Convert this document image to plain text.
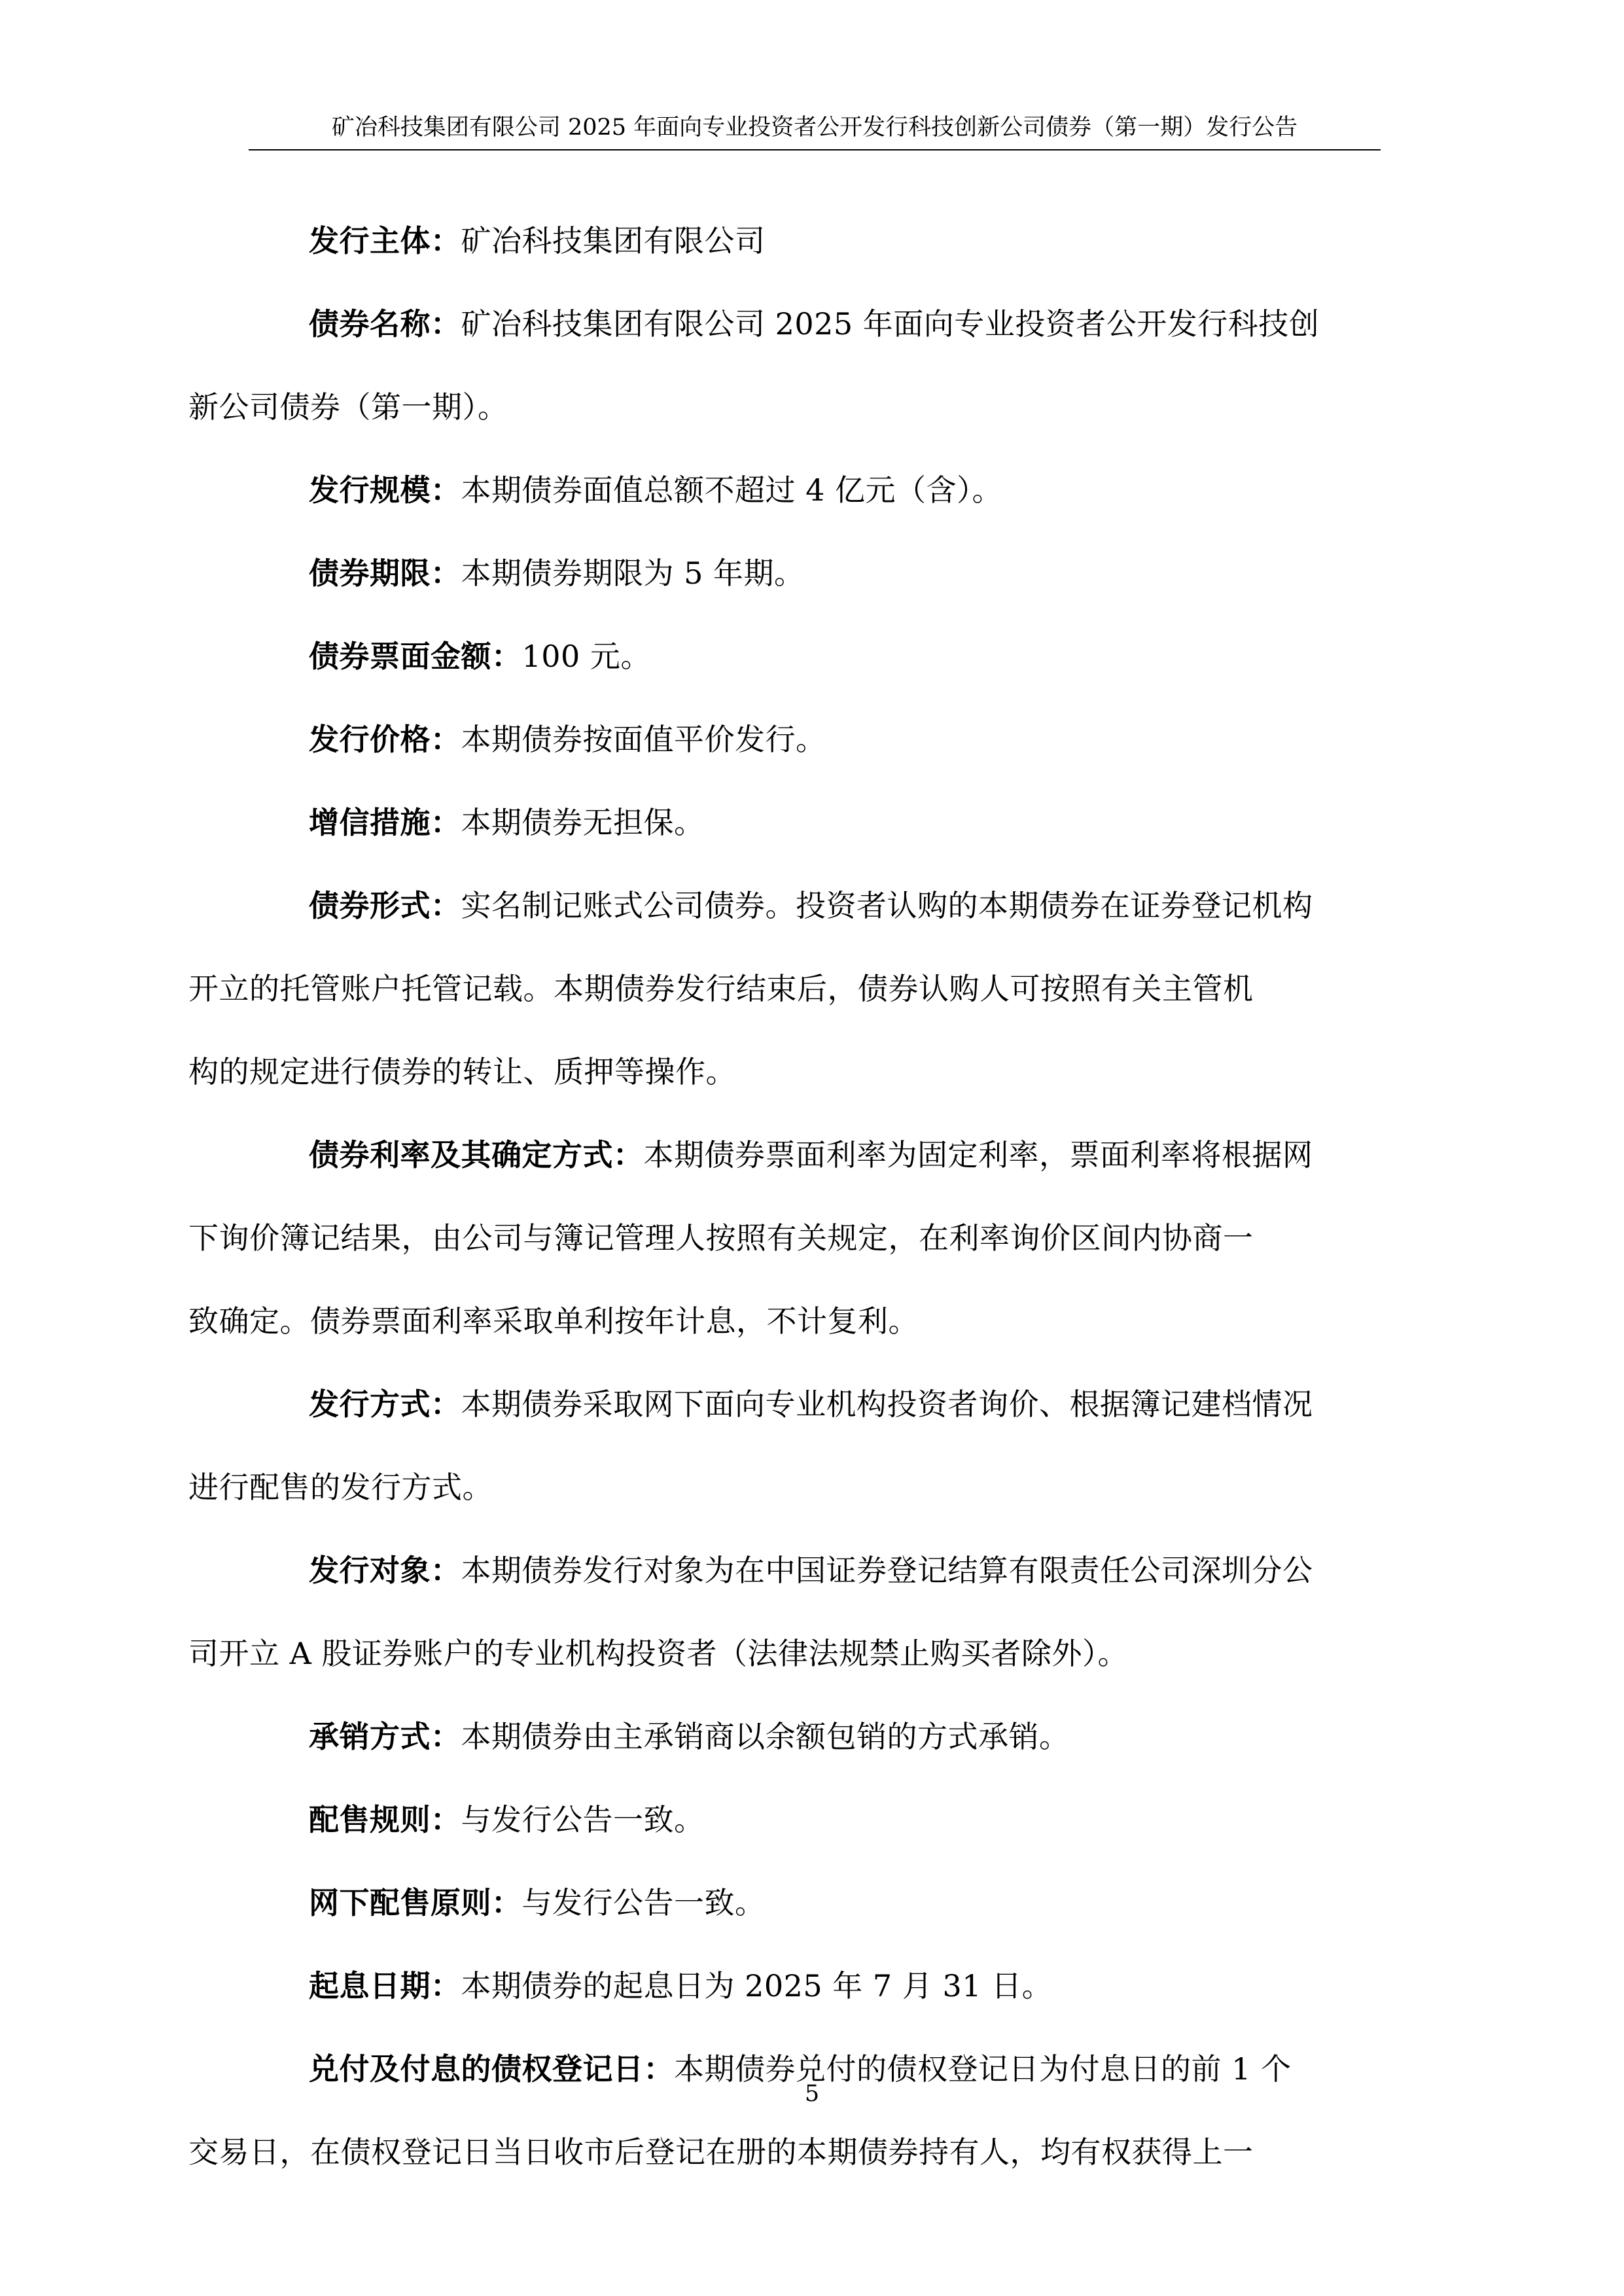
矿冶科技集团有限公司 2025 年面向专业投资者公开发行科技创新公司债券（第一期）发行公告

发行主体：矿冶科技集团有限公司

债券名称：矿冶科技集团有限公司 2025 年面向专业投资者公开发行科技创
新公司债券（第一期）。

发行规模：本期债券面值总额不超过 4 亿元（含）。

债券期限：本期债券期限为 5 年期。

债券票面金额：100 元。

发行价格：本期债券按面值平价发行。

增信措施：本期债券无担保。

债券形式：实名制记账式公司债券。投资者认购的本期债券在证券登记机构
开立的托管账户托管记载。本期债券发行结束后，债券认购人可按照有关主管机
构的规定进行债券的转让、质押等操作。

债券利率及其确定方式：本期债券票面利率为固定利率，票面利率将根据网
下询价簿记结果，由公司与簿记管理人按照有关规定，在利率询价区间内协商一
致确定。债券票面利率采取单利按年计息，不计复利。

发行方式：本期债券采取网下面向专业机构投资者询价、根据簿记建档情况
进行配售的发行方式。

发行对象：本期债券发行对象为在中国证券登记结算有限责任公司深圳分公
司开立 A 股证券账户的专业机构投资者（法律法规禁止购买者除外）。

承销方式：本期债券由主承销商以余额包销的方式承销。

配售规则：与发行公告一致。

网下配售原则：与发行公告一致。

起息日期：本期债券的起息日为 2025 年 7 月 31 日。

兑付及付息的债权登记日：本期债券兑付的债权登记日为付息日的前 1 个
交易日，在债权登记日当日收市后登记在册的本期债券持有人，均有权获得上一

5
